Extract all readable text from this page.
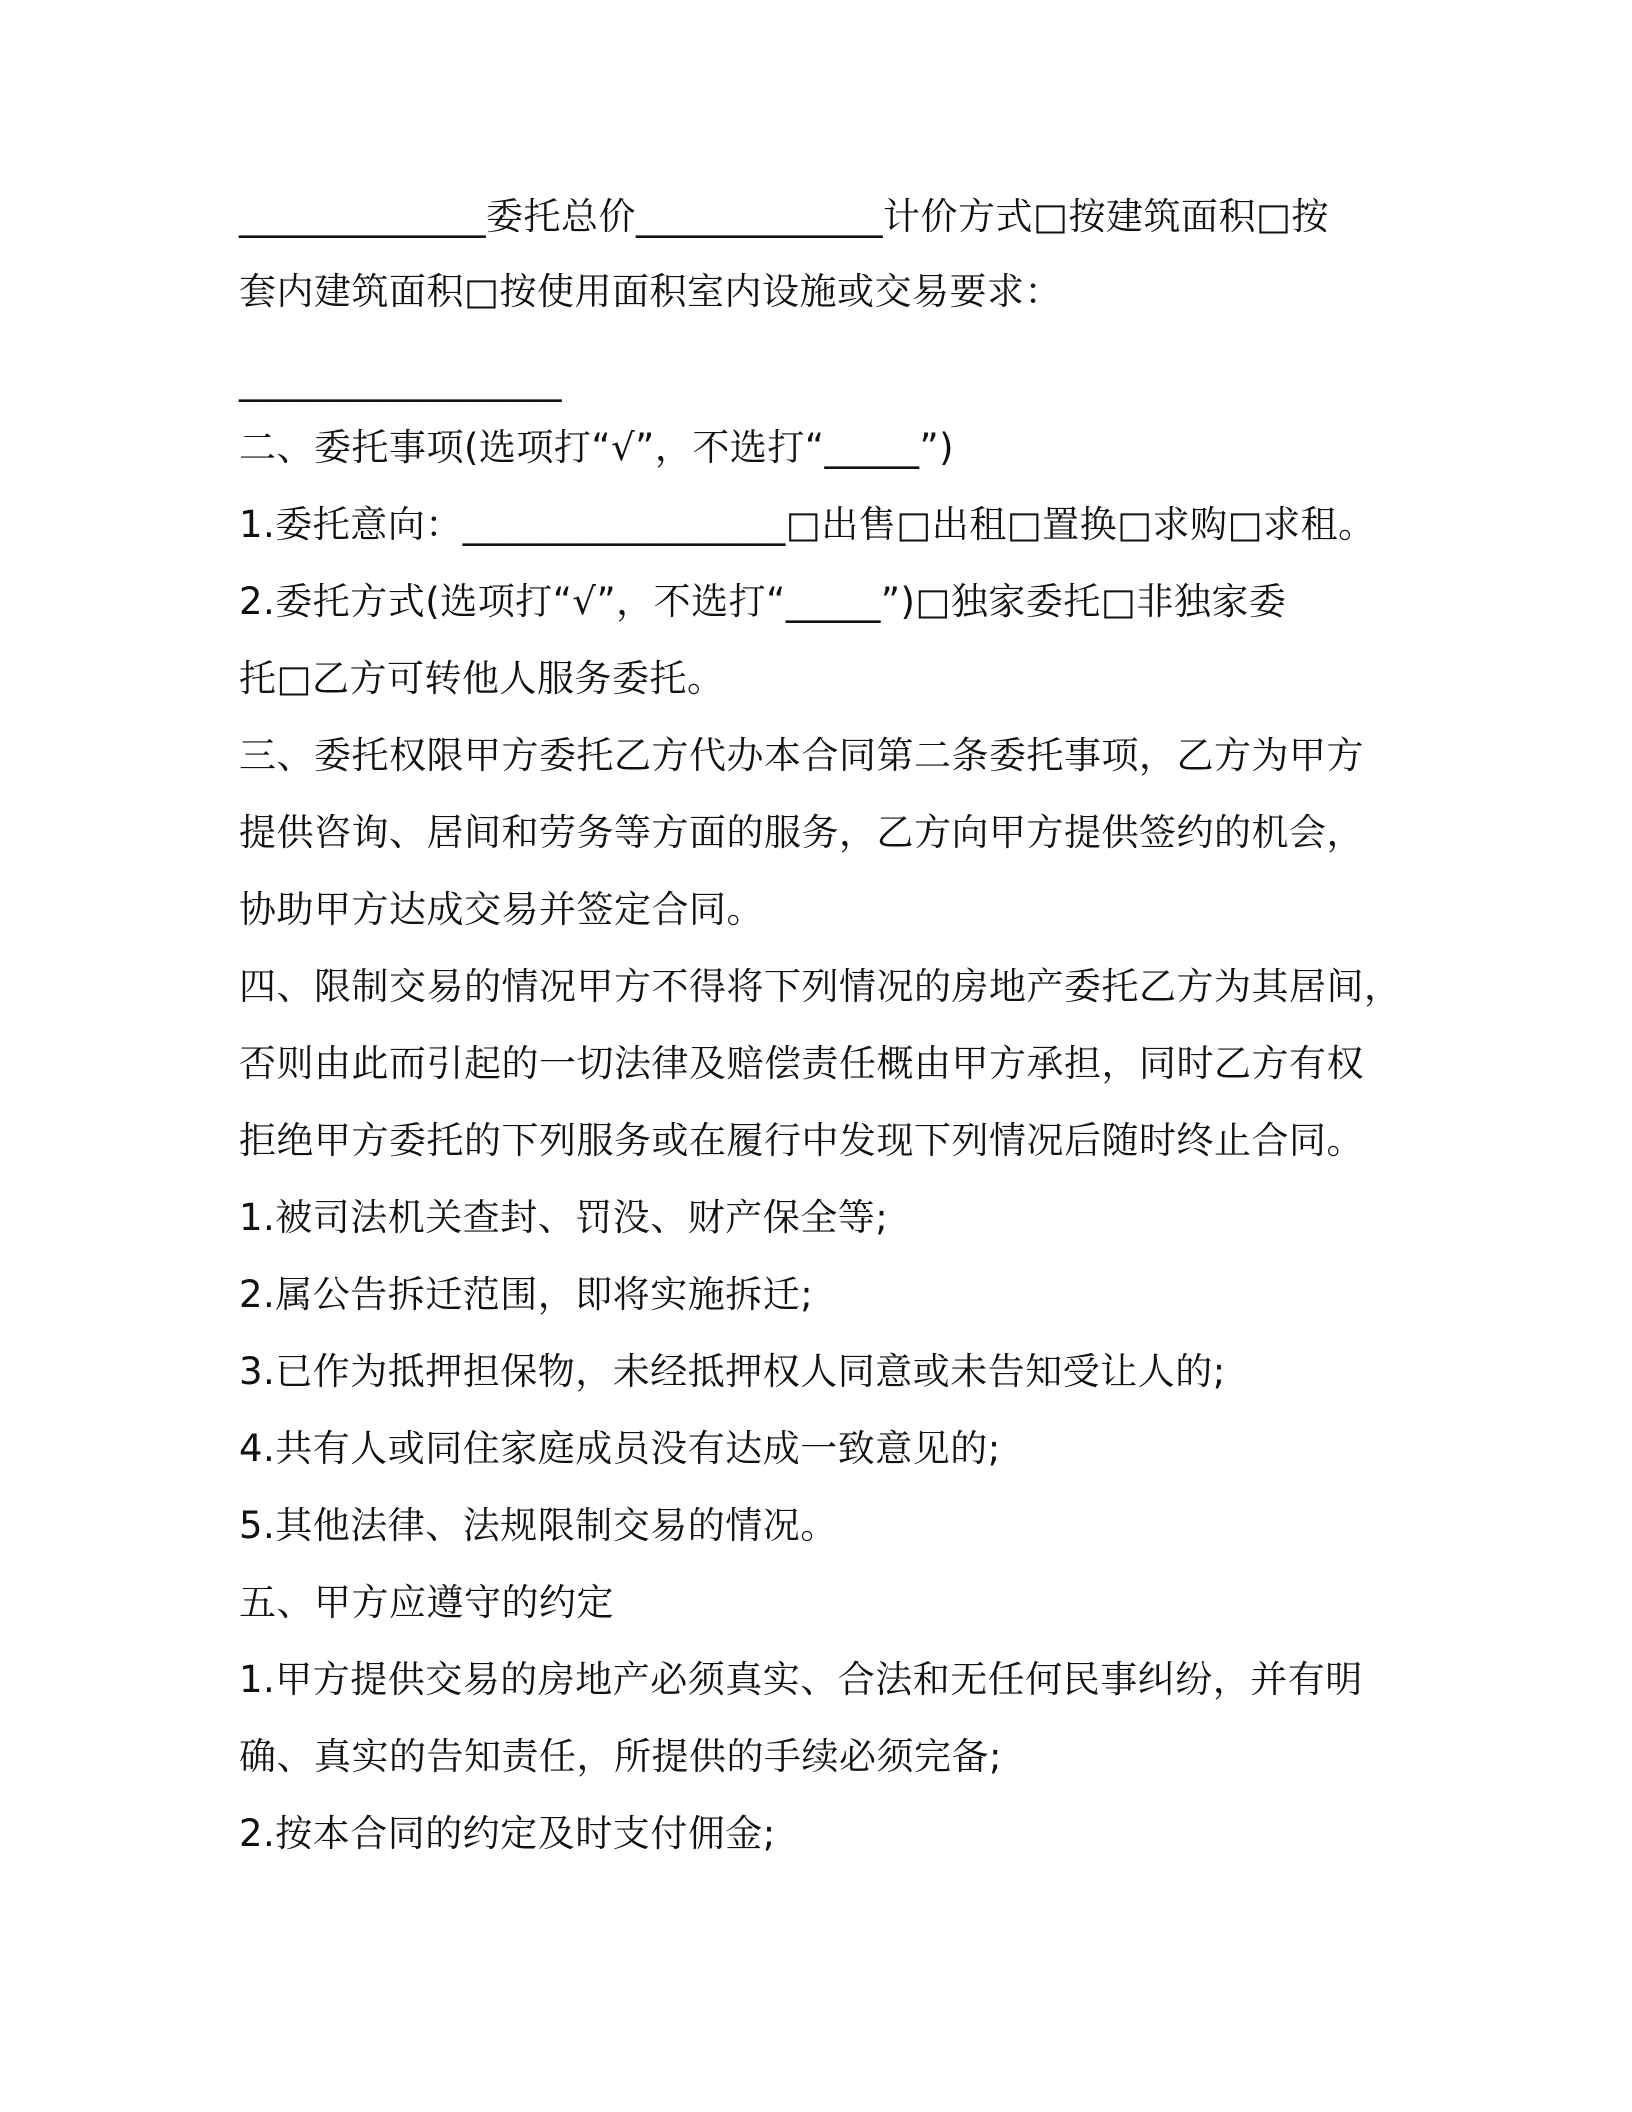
_____________委托总价_____________计价方式□按建筑面积□按
套内建筑面积□按使用面积室内设施或交易要求：
_________________
二、委托事项(选项打“√”，不选打“_____”)
1.委托意向：_________________□出售□出租□置换□求购□求租。
2.委托方式(选项打“√”，不选打“_____”)□独家委托□非独家委
托□乙方可转他人服务委托。
三、委托权限甲方委托乙方代办本合同第二条委托事项，乙方为甲方
提供咨询、居间和劳务等方面的服务，乙方向甲方提供签约的机会，
协助甲方达成交易并签定合同。
四、限制交易的情况甲方不得将下列情况的房地产委托乙方为其居间，
否则由此而引起的一切法律及赔偿责任概由甲方承担，同时乙方有权
拒绝甲方委托的下列服务或在履行中发现下列情况后随时终止合同。
1.被司法机关查封、罚没、财产保全等;
2.属公告拆迁范围，即将实施拆迁;
3.已作为抵押担保物，未经抵押权人同意或未告知受让人的;
4.共有人或同住家庭成员没有达成一致意见的;
5.其他法律、法规限制交易的情况。
五、甲方应遵守的约定
1.甲方提供交易的房地产必须真实、合法和无任何民事纠纷，并有明
确、真实的告知责任，所提供的手续必须完备;
2.按本合同的约定及时支付佣金;
